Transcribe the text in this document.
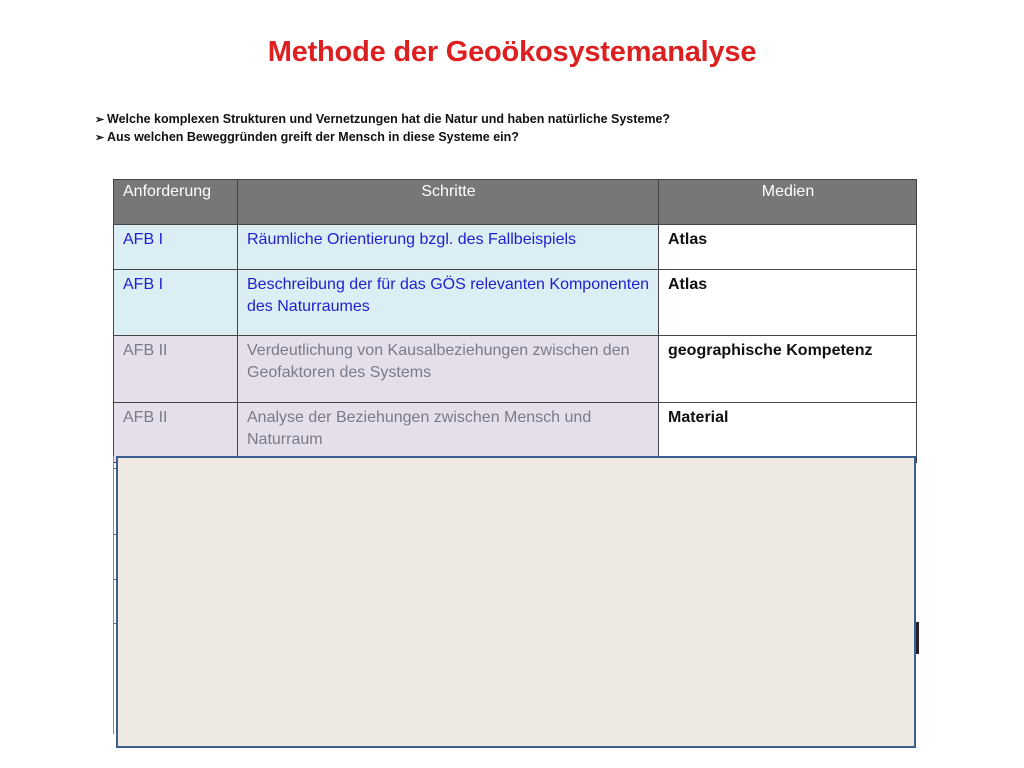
Methode der Geoökosystemanalyse
➢ Welche komplexen Strukturen und Vernetzungen hat die Natur und haben natürliche Systeme?
➢ Aus welchen Beweggründen greift der Mensch in diese Systeme ein?
Anforderung	Schritte	Medien
AFB I	Räumliche Orientierung bzgl. des Fallbeispiels	Atlas
AFB I	Beschreibung der für das GÖS relevanten Komponenten des Naturraumes	Atlas
AFB II	Verdeutlichung von Kausalbeziehungen zwischen den Geofaktoren des Systems	geographische Kompetenz
AFB II	Analyse der Beziehungen zwischen Mensch und Naturraum	Material
